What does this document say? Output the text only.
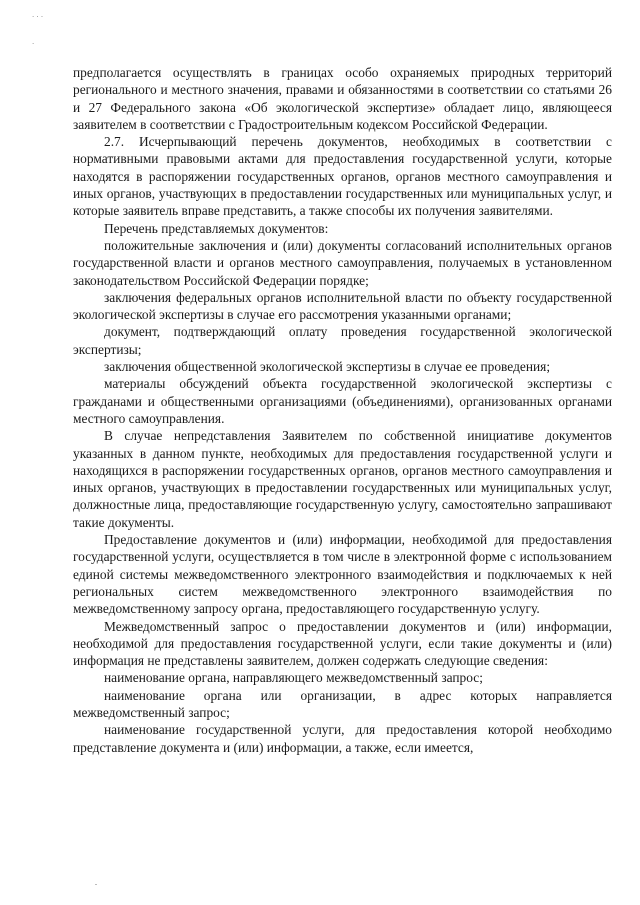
· · ·
·

предполагается осуществлять в границах особо охраняемых природных территорий регионального и местного значения, правами и обязанностями в соответствии со статьями 26 и 27 Федерального закона «Об экологической экспертизе» обладает лицо, являющееся заявителем в соответствии с Градостроительным кодексом Российской Федерации.

2.7. Исчерпывающий перечень документов, необходимых в соответствии с нормативными правовыми актами для предоставления государственной услуги, которые находятся в распоряжении государственных органов, органов местного самоуправления и иных органов, участвующих в предоставлении государственных или муниципальных услуг, и которые заявитель вправе представить, а также способы их получения заявителями.

Перечень представляемых документов:

положительные заключения и (или) документы согласований исполнительных органов государственной власти и органов местного самоуправления, получаемых в установленном законодательством Российской Федерации порядке;

заключения федеральных органов исполнительной власти по объекту государственной экологической экспертизы в случае его рассмотрения указанными органами;

документ, подтверждающий оплату проведения государственной экологической экспертизы;

заключения общественной экологической экспертизы в случае ее проведения;

материалы обсуждений объекта государственной экологической экспертизы с гражданами и общественными организациями (объединениями), организованных органами местного самоуправления.

В случае непредставления Заявителем по собственной инициативе документов указанных в данном пункте, необходимых для предоставления государственной услуги и находящихся в распоряжении государственных органов, органов местного самоуправления и иных органов, участвующих в предоставлении государственных или муниципальных услуг, должностные лица, предоставляющие государственную услугу, самостоятельно запрашивают такие документы.

Предоставление документов и (или) информации, необходимой для предоставления государственной услуги, осуществляется в том числе в электронной форме с использованием единой системы межведомственного электронного взаимодействия и подключаемых к ней региональных систем межведомственного электронного взаимодействия по межведомственному запросу органа, предоставляющего государственную услугу.

Межведомственный запрос о предоставлении документов и (или) информации, необходимой для предоставления государственной услуги, если такие документы и (или) информация не представлены заявителем, должен содержать следующие сведения:

наименование органа, направляющего межведомственный запрос;

наименование органа или организации, в адрес которых направляется межведомственный запрос;

наименование государственной услуги, для предоставления которой необходимо представление документа и (или) информации, а также, если имеется,
